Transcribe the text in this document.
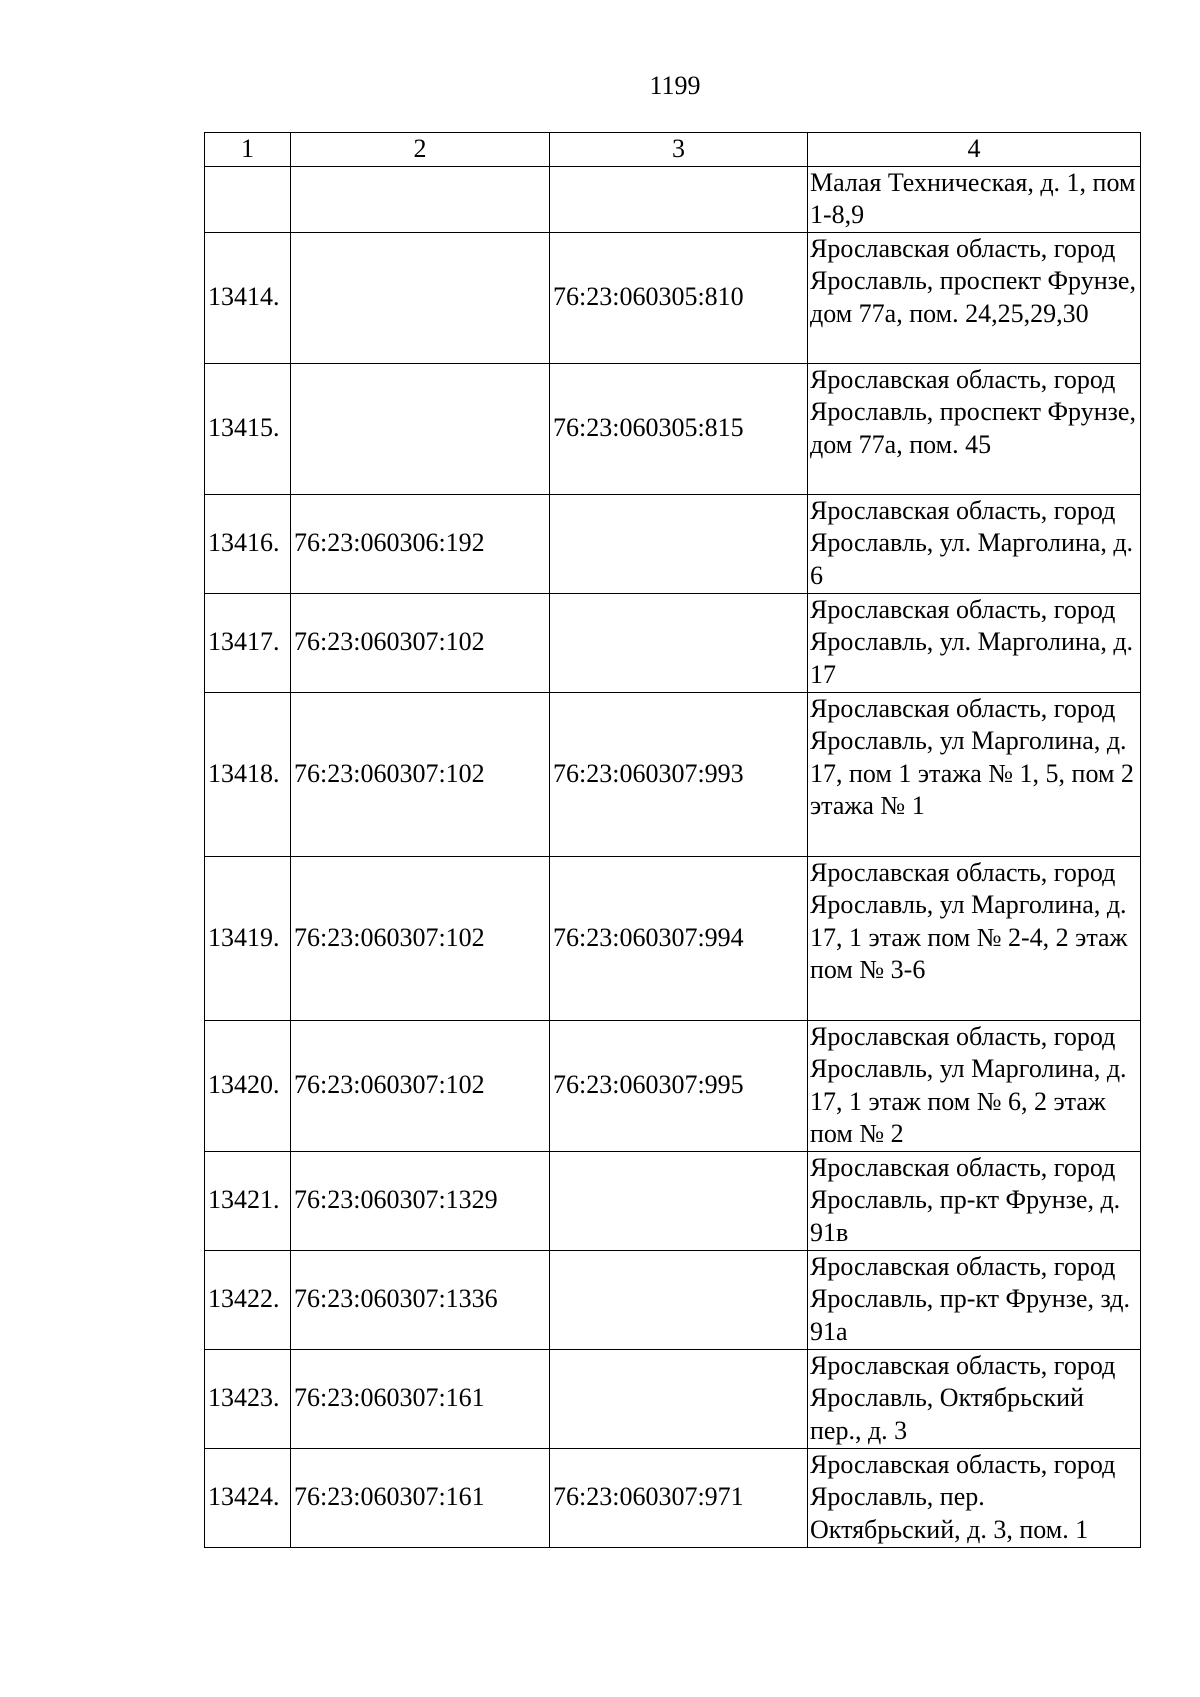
1199
1	2	3	4
			Малая Техническая, д. 1, пом 1-8,9
13414.		76:23:060305:810	Ярославская область, город Ярославль, проспект Фрунзе, дом 77а, пом. 24,25,29,30
13415.		76:23:060305:815	Ярославская область, город Ярославль, проспект Фрунзе, дом 77а, пом. 45
13416.	76:23:060306:192		Ярославская область, город Ярославль, ул. Марголина, д. 6
13417.	76:23:060307:102		Ярославская область, город Ярославль, ул. Марголина, д. 17
13418.	76:23:060307:102	76:23:060307:993	Ярославская область, город Ярославль, ул Марголина, д. 17, пом 1 этажа № 1, 5, пом 2 этажа № 1
13419.	76:23:060307:102	76:23:060307:994	Ярославская область, город Ярославль, ул Марголина, д. 17, 1 этаж пом № 2-4, 2 этаж пом № 3-6
13420.	76:23:060307:102	76:23:060307:995	Ярославская область, город Ярославль, ул Марголина, д. 17, 1 этаж пом № 6, 2 этаж пом № 2
13421.	76:23:060307:1329		Ярославская область, город Ярославль, пр-кт Фрунзе, д. 91в
13422.	76:23:060307:1336		Ярославская область, город Ярославль, пр-кт Фрунзе, зд. 91а
13423.	76:23:060307:161		Ярославская область, город Ярославль, Октябрьский пер., д. 3
13424.	76:23:060307:161	76:23:060307:971	Ярославская область, город Ярославль, пер. Октябрьский, д. 3, пом. 1
